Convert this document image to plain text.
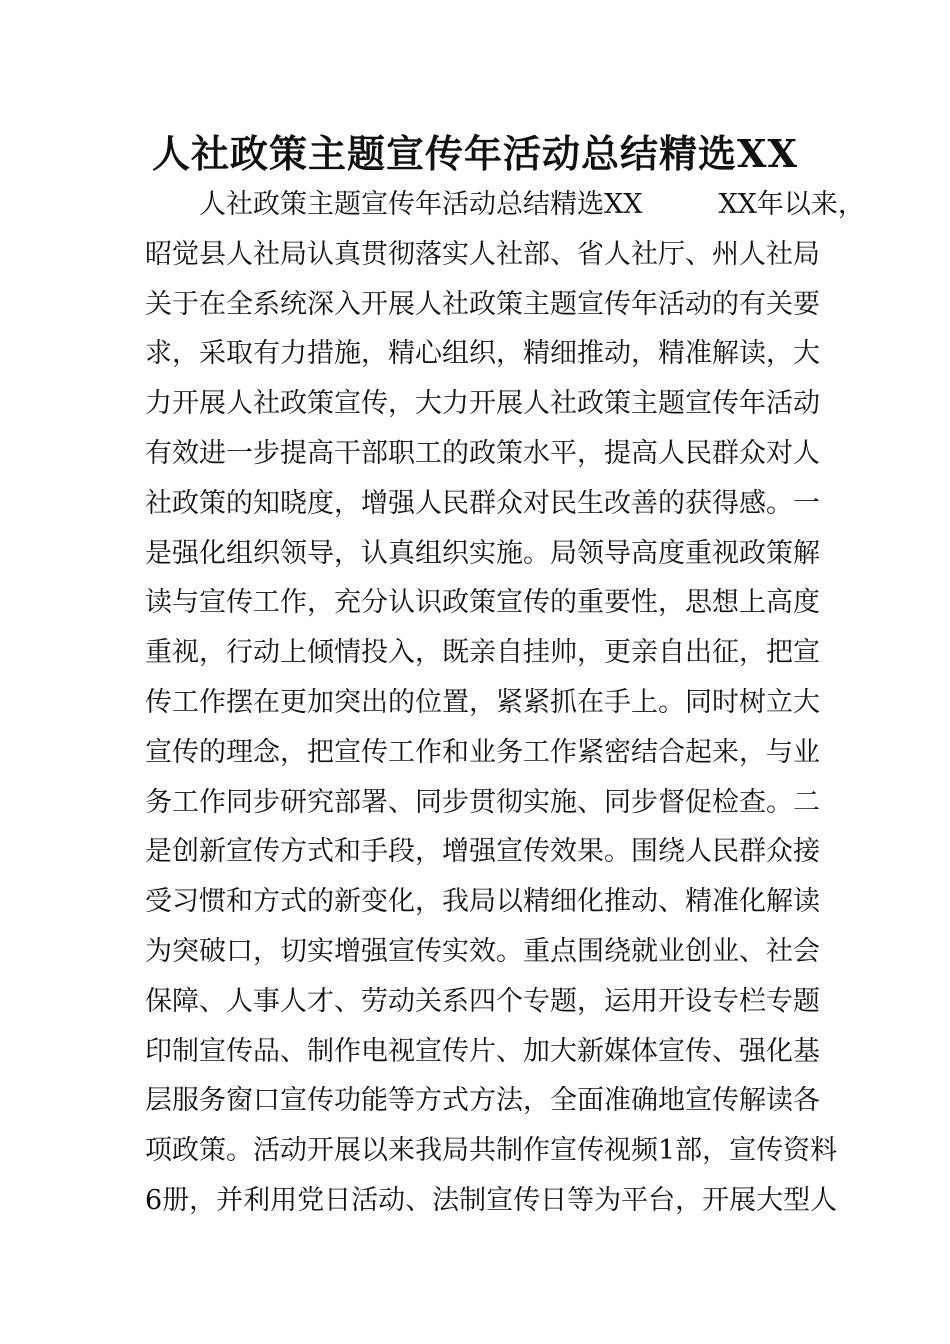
人社政策主题宣传年活动总结精选XX
人社政策主题宣传年活动总结精选XX	XX年以来，
昭觉县人社局认真贯彻落实人社部、省人社厅、州人社局
关于在全系统深入开展人社政策主题宣传年活动的有关要
求，采取有力措施，精心组织，精细推动，精准解读，大
力开展人社政策宣传，大力开展人社政策主题宣传年活动
有效进一步提高干部职工的政策水平，提高人民群众对人
社政策的知晓度，增强人民群众对民生改善的获得感。一
是强化组织领导，认真组织实施。局领导高度重视政策解
读与宣传工作，充分认识政策宣传的重要性，思想上高度
重视，行动上倾情投入，既亲自挂帅，更亲自出征，把宣
传工作摆在更加突出的位置，紧紧抓在手上。同时树立大
宣传的理念，把宣传工作和业务工作紧密结合起来，与业
务工作同步研究部署、同步贯彻实施、同步督促检查。二
是创新宣传方式和手段，增强宣传效果。围绕人民群众接
受习惯和方式的新变化，我局以精细化推动、精准化解读
为突破口，切实增强宣传实效。重点围绕就业创业、社会
保障、人事人才、劳动关系四个专题，运用开设专栏专题
印制宣传品、制作电视宣传片、加大新媒体宣传、强化基
层服务窗口宣传功能等方式方法，全面准确地宣传解读各
项政策。活动开展以来我局共制作宣传视频1部，宣传资料
6册，并利用党日活动、法制宣传日等为平台，开展大型人
